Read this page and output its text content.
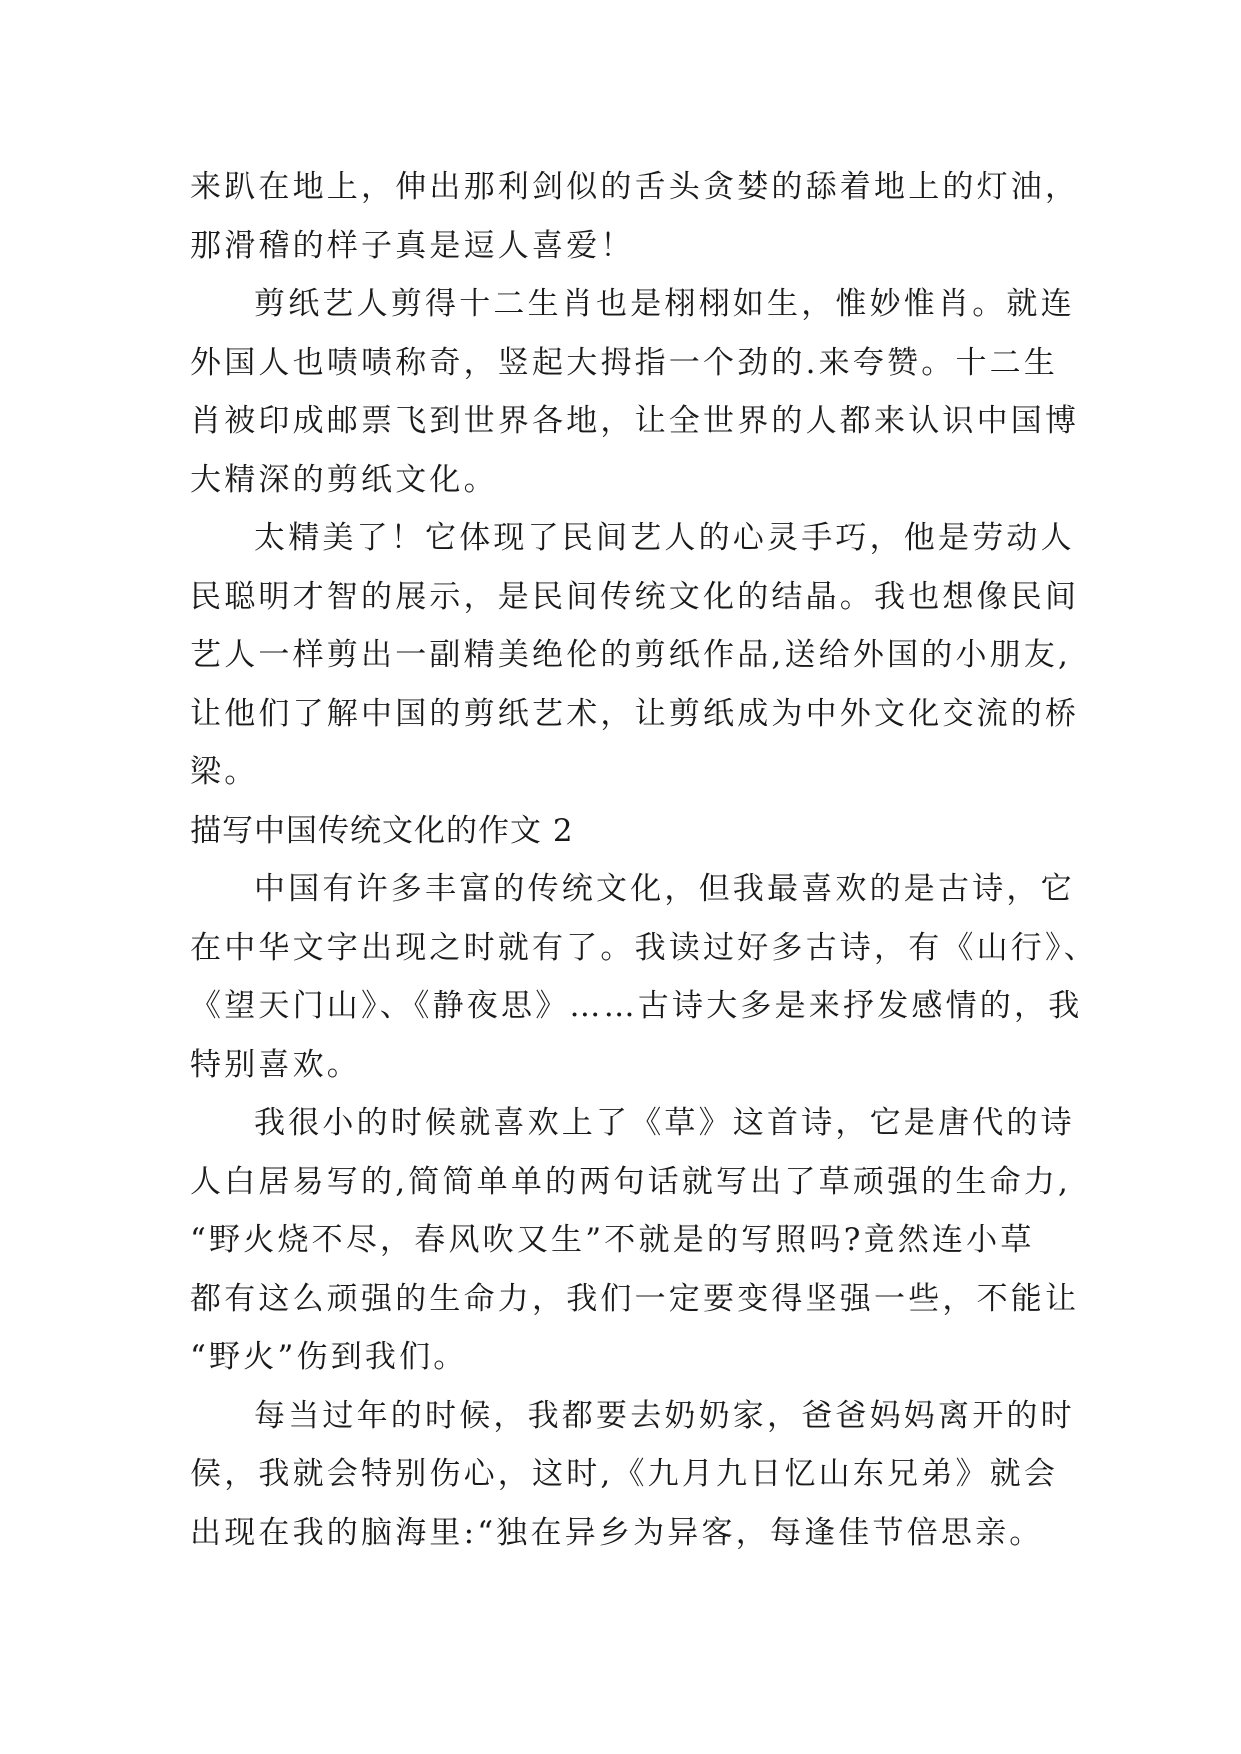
来趴在地上，伸出那利剑似的舌头贪婪的舔着地上的灯油，
那滑稽的样子真是逗人喜爱！
剪纸艺人剪得十二生肖也是栩栩如生，惟妙惟肖。就连
外国人也啧啧称奇，竖起大拇指一个劲的.来夸赞。十二生
肖被印成邮票飞到世界各地，让全世界的人都来认识中国博
大精深的剪纸文化。
太精美了！它体现了民间艺人的心灵手巧，他是劳动人
民聪明才智的展示，是民间传统文化的结晶。我也想像民间
艺人一样剪出一副精美绝伦的剪纸作品,送给外国的小朋友,
让他们了解中国的剪纸艺术，让剪纸成为中外文化交流的桥
梁。
描写中国传统文化的作文 2
中国有许多丰富的传统文化，但我最喜欢的是古诗，它
在中华文字出现之时就有了。我读过好多古诗，有《山行》、
《望天门山》、《静夜思》……古诗大多是来抒发感情的，我
特别喜欢。
我很小的时候就喜欢上了《草》这首诗，它是唐代的诗
人白居易写的,简简单单的两句话就写出了草顽强的生命力,
“野火烧不尽，春风吹又生”不就是的写照吗?竟然连小草
都有这么顽强的生命力，我们一定要变得坚强一些，不能让
“野火”伤到我们。
每当过年的时候，我都要去奶奶家，爸爸妈妈离开的时
侯，我就会特别伤心，这时,《九月九日忆山东兄弟》就会
出现在我的脑海里:“独在异乡为异客，每逢佳节倍思亲。
